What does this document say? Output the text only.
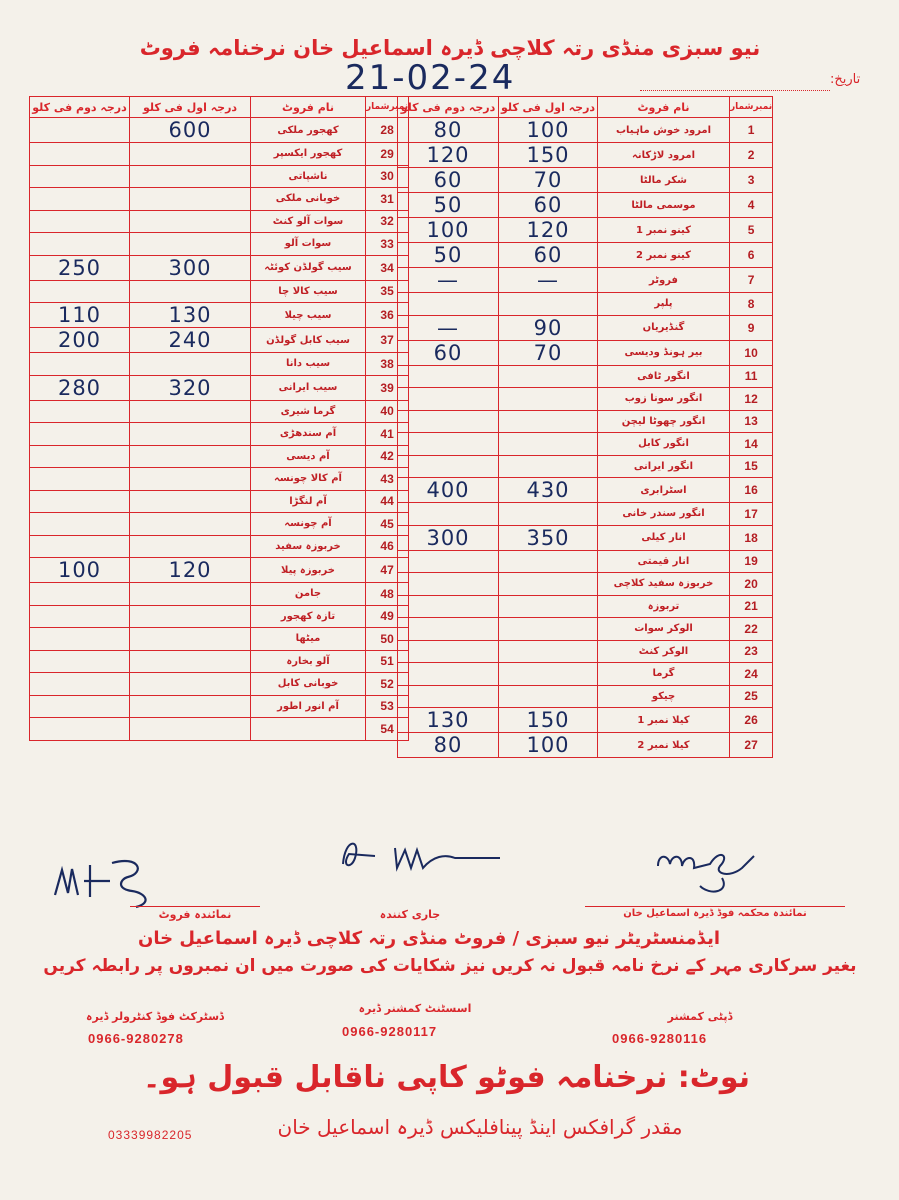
نیو سبزی منڈی رتہ کلاچی ڈیرہ اسماعیل خان نرخنامہ فروٹ
تاریخ:
21-02-24
درجہ دوم فی کلو	درجہ اول فی کلو	نام فروٹ	نمبرشمار
80	100	امرود خوش ماہیاب	1
120	150	امرود لاڑکانہ	2
60	70	شکر مالٹا	3
50	60	موسمی مالٹا	4
100	120	کینو نمبر 1	5
50	60	کینو نمبر 2	6
—	—	فروٹر	7
		پلپر	8
—	90	گنڈیریاں	9
60	70	بیر ہونڈ ودیسی	10
		انگور ٹافی	11
		انگور سونا زوب	12
		انگور چھوٹا لیچن	13
		انگور کابل	14
		انگور ایرانی	15
400	430	اسٹرابری	16
		انگور سندر خانی	17
300	350	انار کیلی	18
		انار قیمتی	19
		خربوزہ سفید کلاچی	20
		تربوزہ	21
		الوکر سوات	22
		الوکر کنٹ	23
		گرما	24
		چیکو	25
130	150	کیلا نمبر 1	26
80	100	کیلا نمبر 2	27
درجہ دوم فی کلو	درجہ اول فی کلو	نام فروٹ	نمبرشمار
	600	کھجور ملکی	28
		کھجور ایکسپر	29
		ناشپاتی	30
		خوبانی ملکی	31
		سوات آلو کنٹ	32
		سوات آلو	33
250	300	سیب گولڈن کوئٹہ	34
		سیب کالا چا	35
110	130	سیب چیلا	36
200	240	سیب کابل گولڈن	37
		سیب دانا	38
280	320	سیب ایرانی	39
		گرما شیری	40
		آم سندھڑی	41
		آم دیسی	42
		آم کالا چونسہ	43
		آم لنگڑا	44
		آم چونسہ	45
		خربوزہ سفید	46
100	120	خربوزہ پیلا	47
		جامن	48
		تازہ کھجور	49
		میٹھا	50
		آلو بخارہ	51
		خوبانی کابل	52
		آم انور اطور	53
			54
نمائندہ فروٹ	جاری کنندہ	نمائندہ محکمہ فوڈ ڈیرہ اسماعیل خان
ایڈمنسٹریٹر نیو سبزی / فروٹ منڈی رتہ کلاچی ڈیرہ اسماعیل خان
بغیر سرکاری مہر کے نرخ نامہ قبول نہ کریں نیز شکایات کی صورت میں ان نمبروں پر رابطہ کریں
ڈسٹرکٹ فوڈ کنٹرولر ڈیرہ
0966-9280278
اسسٹنٹ کمشنر ڈیرہ
0966-9280117
ڈپٹی کمشنر
0966-9280116
نوٹ: نرخنامہ فوٹو کاپی ناقابل قبول ہو۔
مقدر گرافکس اینڈ پینافلیکس ڈیرہ اسماعیل خان
03339982205
